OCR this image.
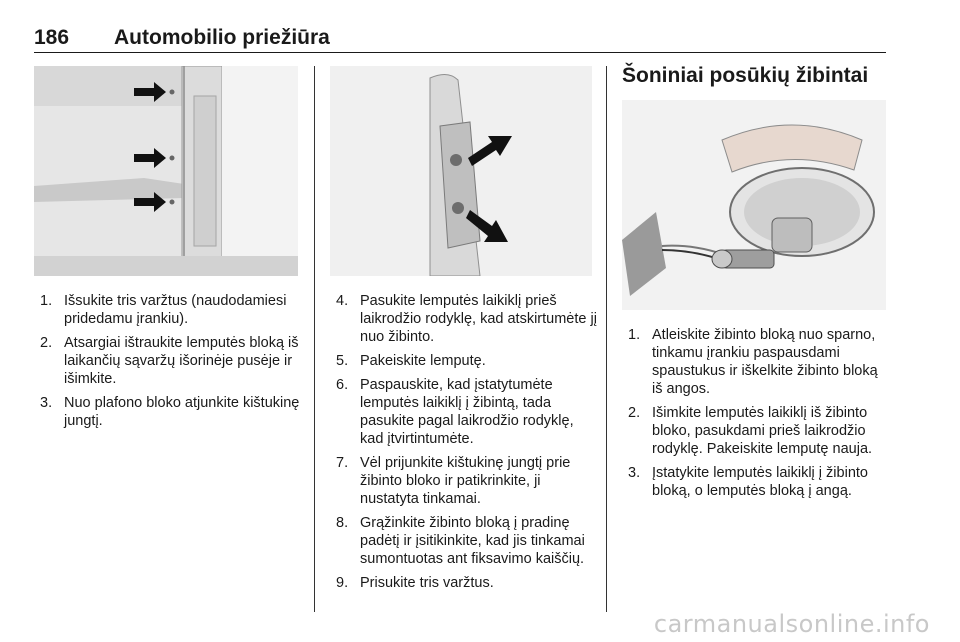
186 Automobilio priežiūra
1. Išsukite tris varžtus (naudodamiesi pridedamu įrankiu).
2. Atsargiai ištraukite lemputės bloką iš laikančių sąvaržų išorinėje pusėje ir išimkite.
3. Nuo plafono bloko atjunkite kištukinę jungtį.
4. Pasukite lemputės laikiklį prieš laikrodžio rodyklę, kad atskirtumėte jį nuo žibinto.
5. Pakeiskite lemputę.
6. Paspauskite, kad įstatytumėte lemputės laikiklį į žibintą, tada pasukite pagal laikrodžio rodyklę, kad įtvirtintumėte.
7. Vėl prijunkite kištukinę jungtį prie žibinto bloko ir patikrinkite, ji nustatyta tinkamai.
8. Grąžinkite žibinto bloką į pradinę padėtį ir įsitikinkite, kad jis tinkamai sumontuotas ant fiksavimo kaiščių.
9. Prisukite tris varžtus.
Šoniniai posūkių žibintai
1. Atleiskite žibinto bloką nuo sparno, tinkamu įrankiu paspausdami spaustukus ir iškelkite žibinto bloką iš angos.
2. Išimkite lemputės laikiklį iš žibinto bloko, pasukdami prieš laikrodžio rodyklę. Pakeiskite lemputę nauja.
3. Įstatykite lemputės laikiklį į žibinto bloką, o lemputės bloką į angą.
carmanualsonline.info
